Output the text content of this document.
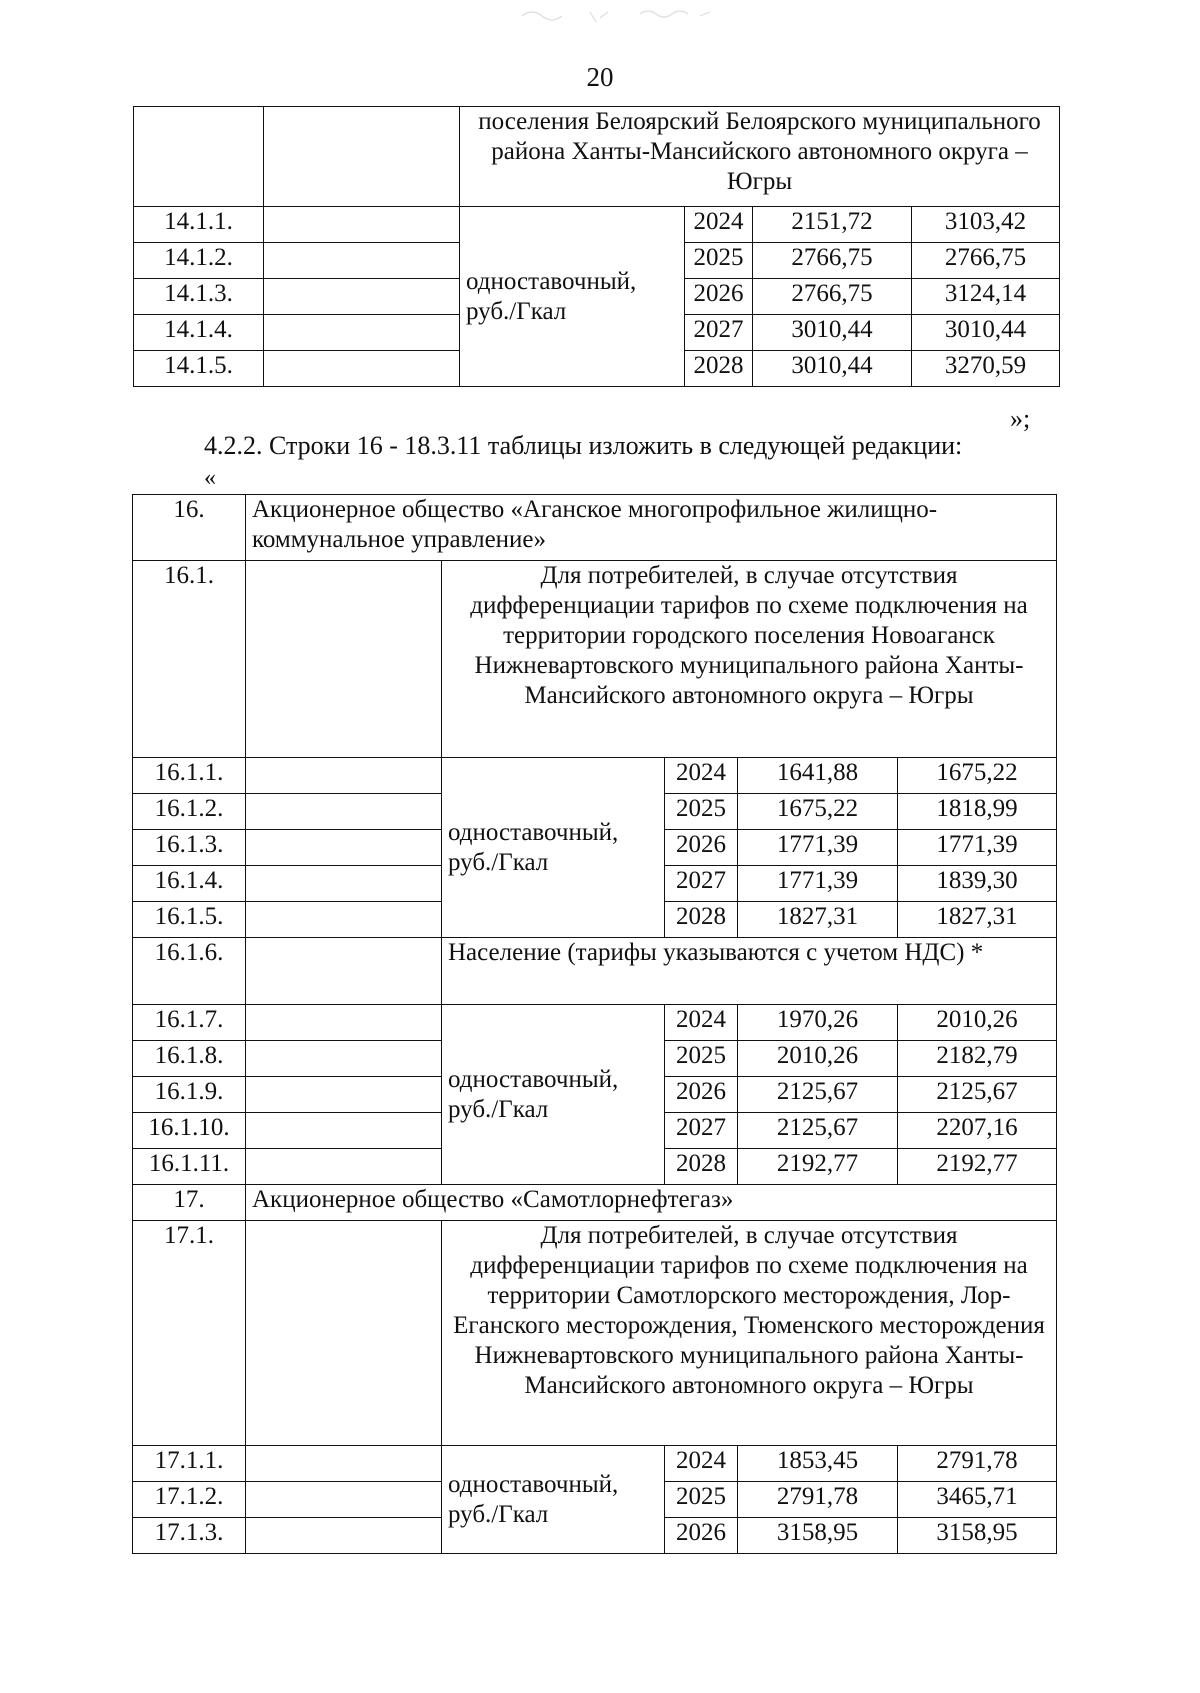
20
		поселения Белоярский Белоярского муниципального района Ханты-Мансийского автономного округа – Югры			
14.1.1.		одноставочный, руб./Гкал	2024	2151,72	3103,42
14.1.2.			2025	2766,75	2766,75
14.1.3.			2026	2766,75	3124,14
14.1.4.			2027	3010,44	3010,44
14.1.5.			2028	3010,44	3270,59
»;
4.2.2. Строки 16 - 18.3.11 таблицы изложить в следующей редакции:
«
16.	Акционерное общество «Аганское многопрофильное жилищно-коммунальное управление»				
16.1.		Для потребителей, в случае отсутствия дифференциации тарифов по схеме подключения на территории городского поселения Новоаганск Нижневартовского муниципального района Ханты-Мансийского автономного округа – Югры			
16.1.1.		одноставочный, руб./Гкал	2024	1641,88	1675,22
16.1.2.			2025	1675,22	1818,99
16.1.3.			2026	1771,39	1771,39
16.1.4.			2027	1771,39	1839,30
16.1.5.			2028	1827,31	1827,31
16.1.6.		Население (тарифы указываются с учетом НДС) *			
16.1.7.		одноставочный, руб./Гкал	2024	1970,26	2010,26
16.1.8.			2025	2010,26	2182,79
16.1.9.			2026	2125,67	2125,67
16.1.10.			2027	2125,67	2207,16
16.1.11.			2028	2192,77	2192,77
17.	Акционерное общество «Самотлорнефтегаз»				
17.1.		Для потребителей, в случае отсутствия дифференциации тарифов по схеме подключения на территории Самотлорского месторождения, Лор-Еганского месторождения, Тюменского месторождения Нижневартовского муниципального района Ханты-Мансийского автономного округа – Югры			
17.1.1.		одноставочный, руб./Гкал	2024	1853,45	2791,78
17.1.2.			2025	2791,78	3465,71
17.1.3.			2026	3158,95	3158,95
